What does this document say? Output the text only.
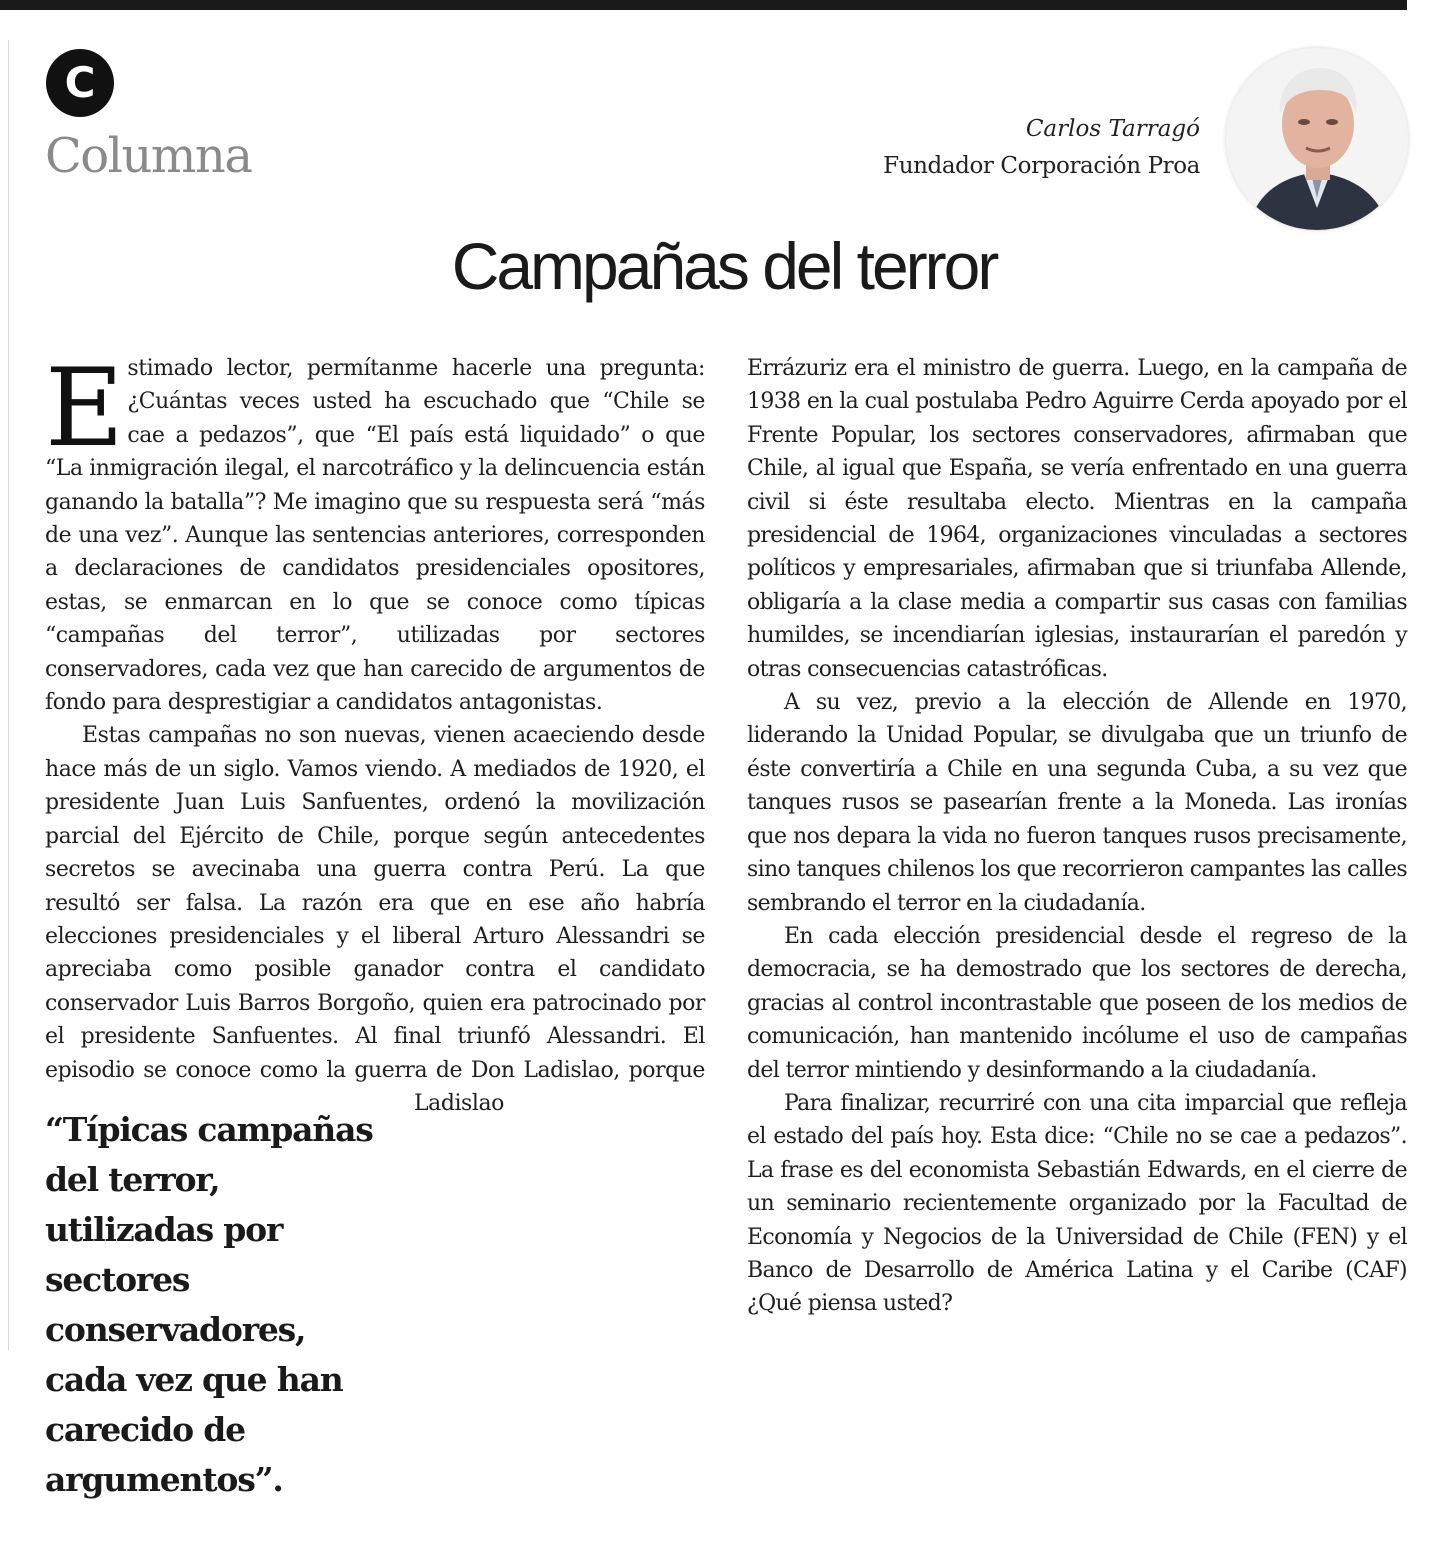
C
Columna	Carlos Tarragó
Fundador Corporación Proa
Campañas del terror

Estimado lector, permítanme hacerle una pregunta: ¿Cuántas veces usted ha escuchado que “Chile se cae a pedazos”, que “El país está liquidado” o que “La inmigración ilegal, el narcotráfico y la delincuencia están ganando la batalla”? Me imagino que su respuesta será “más de una vez”. Aunque las sentencias anteriores, corresponden a declaraciones de candidatos presidenciales opositores, estas, se enmarcan en lo que se conoce como típicas “campañas del terror”, utilizadas por sectores conservadores, cada vez que han carecido de argumentos de fondo para desprestigiar a candidatos antagonistas.

“Típicas campañas del terror, utilizadas por sectores conservadores, cada vez que han carecido de argumentos”.
Estas campañas no son nuevas, vienen acaeciendo desde hace más de un siglo. Vamos viendo. A mediados de 1920, el presidente Juan Luis Sanfuentes, ordenó la movilización parcial del Ejército de Chile, porque según antecedentes secretos se avecinaba una guerra contra Perú. La que resultó ser falsa. La razón era que en ese año habría elecciones presidenciales y el liberal Arturo Alessandri se apreciaba como posible ganador contra el candidato conservador Luis Barros Borgoño, quien era patrocinado por el presidente Sanfuentes. Al final triunfó Alessandri. El episodio se conoce como la guerra de Don Ladislao, porque Ladislao

Errázuriz era el ministro de guerra. Luego, en la campaña de 1938 en la cual postulaba Pedro Aguirre Cerda apoyado por el Frente Popular, los sectores conservadores, afirmaban que Chile, al igual que España, se vería enfrentado en una guerra civil si éste resultaba electo. Mientras en la campaña presidencial de 1964, organizaciones vinculadas a sectores políticos y empresariales, afirmaban que si triunfaba Allende, obligaría a la clase media a compartir sus casas con familias humildes, se incendiarían iglesias, instaurarían el paredón y otras consecuencias catastróficas.

A su vez, previo a la elección de Allende en 1970, liderando la Unidad Popular, se divulgaba que un triunfo de éste convertiría a Chile en una segunda Cuba, a su vez que tanques rusos se pasearían frente a la Moneda. Las ironías que nos depara la vida no fueron tanques rusos precisamente, sino tanques chilenos los que recorrieron campantes las calles sembrando el terror en la ciudadanía.

En cada elección presidencial desde el regreso de la democracia, se ha demostrado que los sectores de derecha, gracias al control incontrastable que poseen de los medios de comunicación, han mantenido incólume el uso de campañas del terror mintiendo y desinformando a la ciudadanía.

Para finalizar, recurriré con una cita imparcial que refleja el estado del país hoy. Esta dice: “Chile no se cae a pedazos”. La frase es del economista Sebastián Edwards, en el cierre de un seminario recientemente organizado por la Facultad de Economía y Negocios de la Universidad de Chile (FEN) y el Banco de Desarrollo de América Latina y el Caribe (CAF) ¿Qué piensa usted?
